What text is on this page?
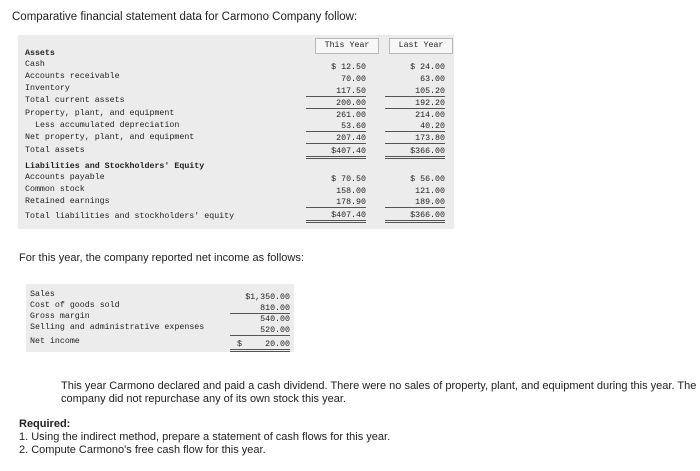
Comparative financial statement data for Carmono Company follow:
This Year	Last Year
Assets
Cash
Accounts receivable
Inventory
Total current assets
Property, plant, and equipment
Less accumulated depreciation
Net property, plant, and equipment
Total assets
Liabilities and Stockholders' Equity
Accounts payable
Common stock
Retained earnings
Total liabilities and stockholders' equity
$ 12.50
70.00
117.50
200.00
261.00
53.60
207.40
$407.40
$ 70.50
158.00
178.90
$407.40
$ 24.00
63.00
105.20
192.20
214.00
40.20
173.80
$366.00
$ 56.00
121.00
189.00
$366.00
For this year, the company reported net income as follows:
Sales
Cost of goods sold
Gross margin
Selling and administrative expenses
Net income
$1,350.00
810.00
540.00
520.00
$	20.00
company did not repurchase any of its own stock this year.
This year Carmono declared and paid a cash dividend. There were no sales of property, plant, and equipment during this year. The
Required:
1. Using the indirect method, prepare a statement of cash flows for this year.
2. Compute Carmono's free cash flow for this year.
